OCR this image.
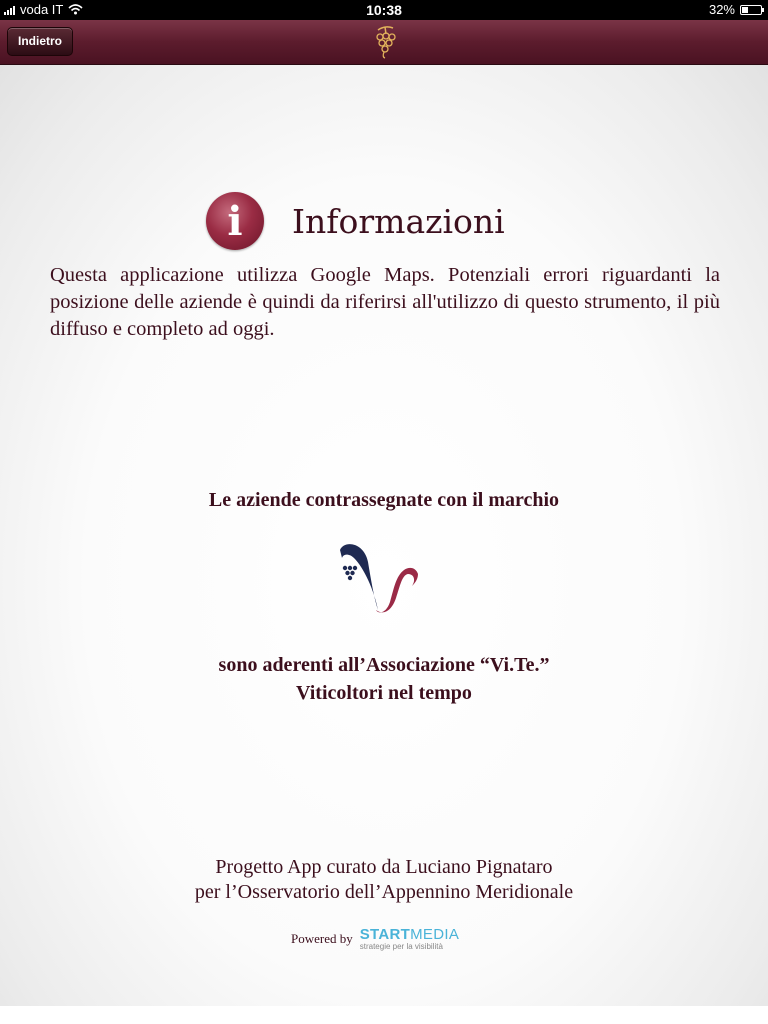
voda IT	10:38	32%
Indietro
i	Informazioni
Questa applicazione utilizza Google Maps. Potenziali errori riguardanti la posizione delle aziende è quindi da riferirsi all'utilizzo di questo strumento, il più diffuso e completo ad oggi.
Le aziende contrassegnate con il marchio
sono aderenti all’Associazione “Vi.Te.”
Viticoltori nel tempo
Progetto App curato da Luciano Pignataro
per l’Osservatorio dell’Appennino Meridionale
Powered by STARTMEDIA
strategie per la visibilità
